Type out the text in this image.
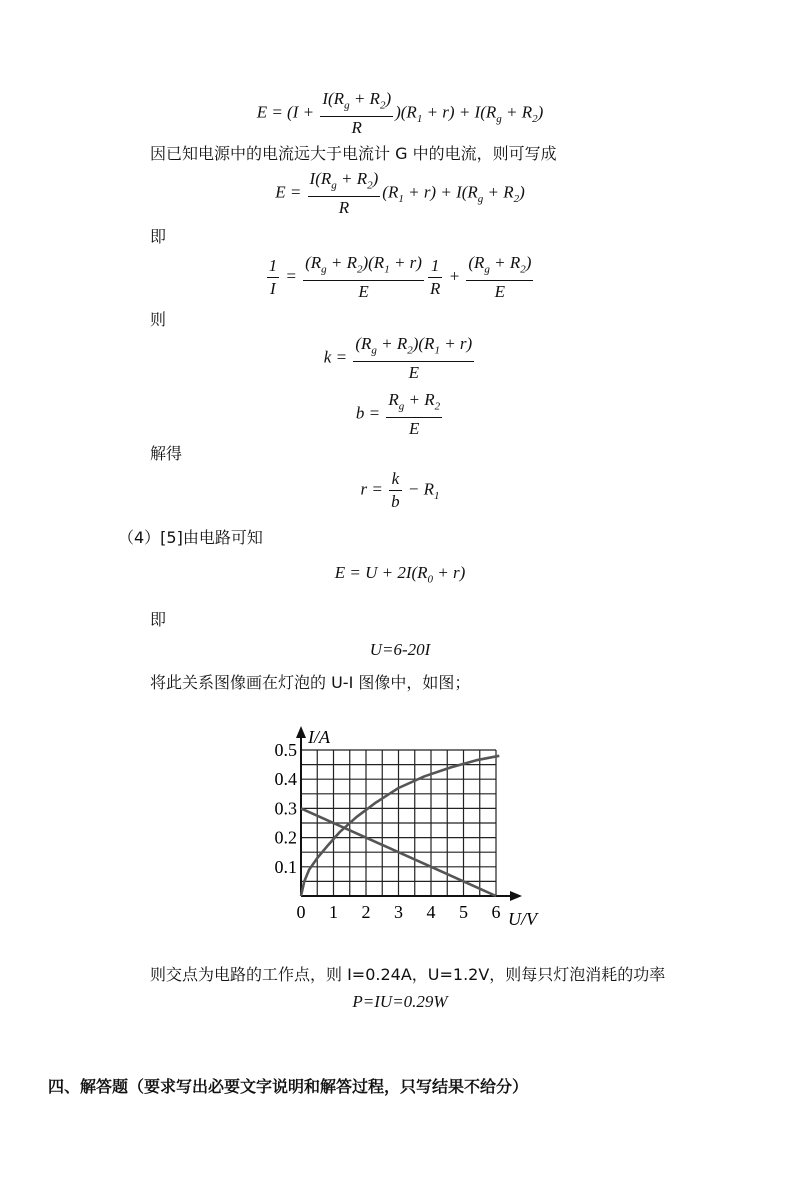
$E = (I + \frac{I(R_g + R_2)}{R} )(R_1 + r) + I(R_g + R_2)$
因已知电源中的电流远大于电流计 G 中的电流，则可写成
$E = \frac{I(R_g + R_2)}{R} (R_1 + r) + I(R_g + R_2)$
即
$\frac{1}{I} = \frac{(R_g + R_2)(R_1 + r)}{E} \frac{1}{R} + \frac{(R_g + R_2)}{E}$
则
$k = \frac{(R_g + R_2)(R_1 + r)}{E}$
$b = \frac{R_g + R_2}{E}$
解得
$r = \frac{k}{b} - R_1$
（4）[5]由电路可知
$E = U + 2I(R_0 + r)$
即
U=6-20I
将此关系图像画在灯泡的 U-I 图像中，如图；
0 1 2 3 4 5 6
0.1
0.2
0.3
0.4
0.5
I/A
U/V
则交点为电路的工作点，则 I=0.24A，U=1.2V，则每只灯泡消耗的功率
P=IU=0.29W
四、解答题（要求写出必要文字说明和解答过程，只写结果不给分）
